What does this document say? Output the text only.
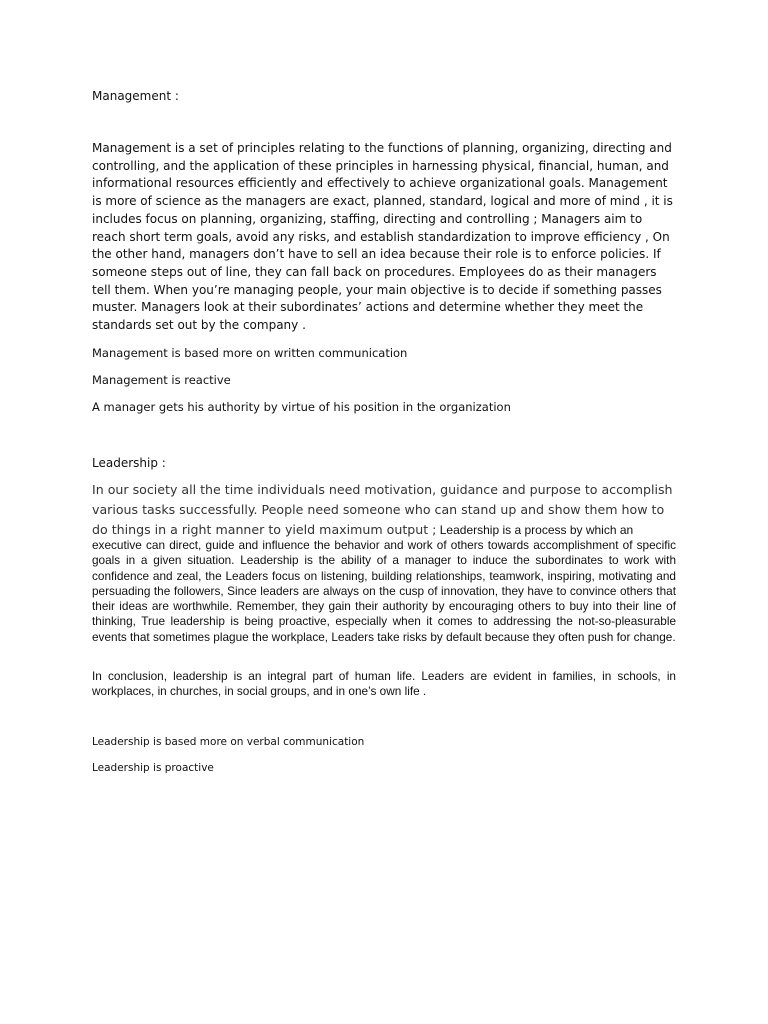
Management :

Management is a set of principles relating to the functions of planning, organizing, directing and controlling, and the application of these principles in harnessing physical, financial, human, and informational resources efficiently and effectively to achieve organizational goals. Management is more of science as the managers are exact, planned, standard, logical and more of mind , it is includes focus on planning, organizing, staffing, directing and controlling ; Managers aim to reach short term goals, avoid any risks, and establish standardization to improve efficiency , On the other hand, managers don’t have to sell an idea because their role is to enforce policies. If someone steps out of line, they can fall back on procedures. Employees do as their managers tell them. When you’re managing people, your main objective is to decide if something passes muster. Managers look at their subordinates’ actions and determine whether they meet the standards set out by the company .

Management is based more on written communication
Management is reactive
A manager gets his authority by virtue of his position in the organization
Leadership :
In our society all the time individuals need motivation, guidance and purpose to accomplish
various tasks successfully. People need someone who can stand up and show them how to
do things in a right manner to yield maximum output ; Leadership is a process by which an

executive can direct, guide and influence the behavior and work of others towards accomplishment of specific goals in a given situation. Leadership is the ability of a manager to induce the subordinates to work with confidence and zeal, the Leaders focus on listening, building relationships, teamwork, inspiring, motivating and persuading the followers, Since leaders are always on the cusp of innovation, they have to convince others that their ideas are worthwhile. Remember, they gain their authority by encouraging others to buy into their line of thinking, True leadership is being proactive, especially when it comes to addressing the not-so-pleasurable events that sometimes plague the workplace, Leaders take risks by default because they often push for change.

In conclusion, leadership is an integral part of human life. Leaders are evident in families, in schools, in workplaces, in churches, in social groups, and in one’s own life .

Leadership is based more on verbal communication
Leadership is proactive
